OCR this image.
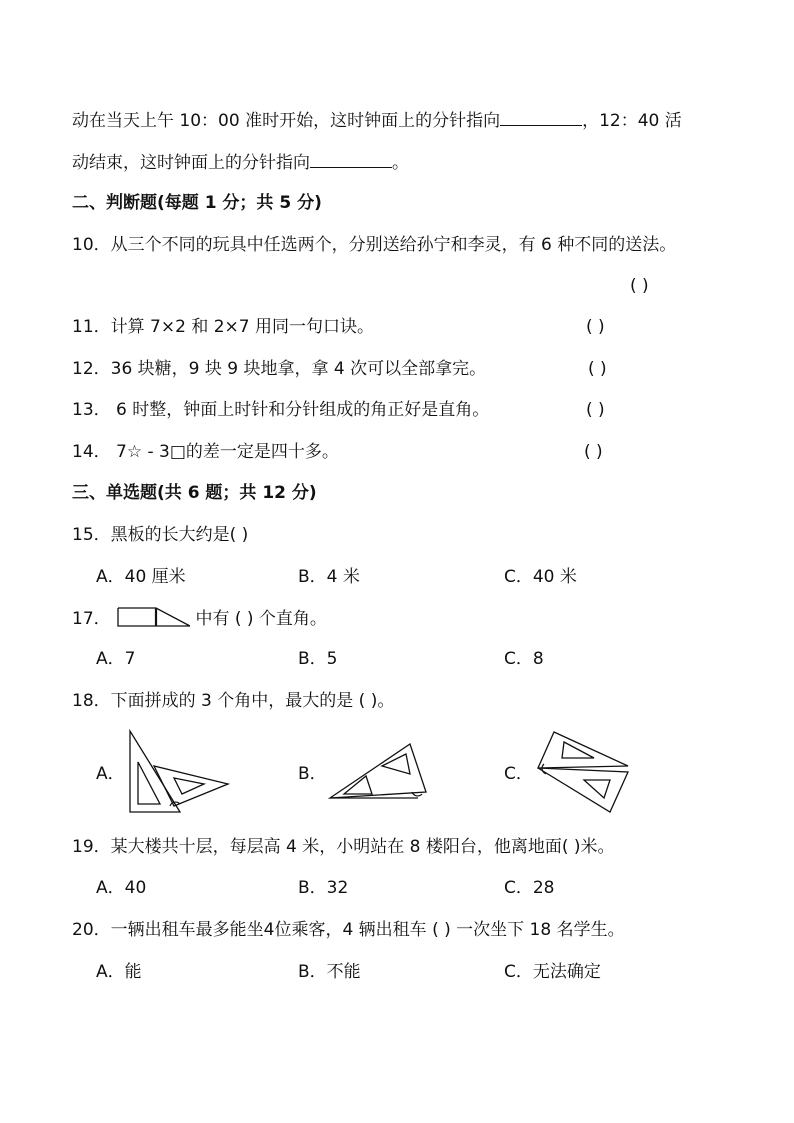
动在当天上午 10：00 准时开始，这时钟面上的分针指向	，12：40 活
动结束，这时钟面上的分针指向	。
二、判断题(每题 1 分；共 5 分)
10．从三个不同的玩具中任选两个，分别送给孙宁和李灵，有 6 种不同的送法。
( )
11．计算 7×2 和 2×7 用同一句口诀。	( )
12．36 块糖，9 块 9 块地拿，拿 4 次可以全部拿完。	( )
13． 6 时整，钟面上时针和分针组成的角正好是直角。	( )
14． 7☆ - 3□的差一定是四十多。	( )
三、单选题(共 6 题；共 12 分)
15．黑板的长大约是( )
A．40 厘米	B．4 米	C．40 米
17．	中有 ( ) 个直角。
A．7	B．5	C．8
18．下面拼成的 3 个角中，最大的是 ( )。
A．	B．	C．
19．某大楼共十层，每层高 4 米，小明站在 8 楼阳台，他离地面( )米。
A．40	B．32	C．28
20．一辆出租车最多能坐4位乘客，4 辆出租车 ( ) 一次坐下 18 名学生。
A．能	B．不能	C．无法确定
